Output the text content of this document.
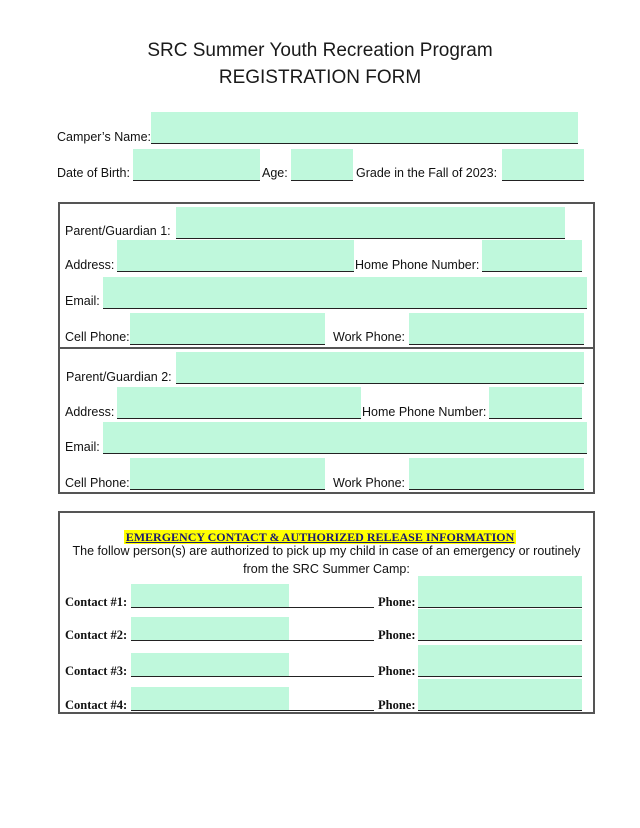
SRC Summer Youth Recreation Program
REGISTRATION FORM
Camper’s Name:
Date of Birth:	Age:	Grade in the Fall of 2023:
Parent/Guardian 1:
Address:	Home Phone Number:
Email:
Cell Phone:	Work Phone:
Parent/Guardian 2:
Address:	Home Phone Number:
Email:
Cell Phone:	Work Phone:
EMERGENCY CONTACT & AUTHORIZED RELEASE INFORMATION
The follow person(s) are authorized to pick up my child in case of an emergency or routinely
from the SRC Summer Camp:
Contact #1:	Phone:
Contact #2:	Phone:
Contact #3:	Phone:
Contact #4:	Phone:
